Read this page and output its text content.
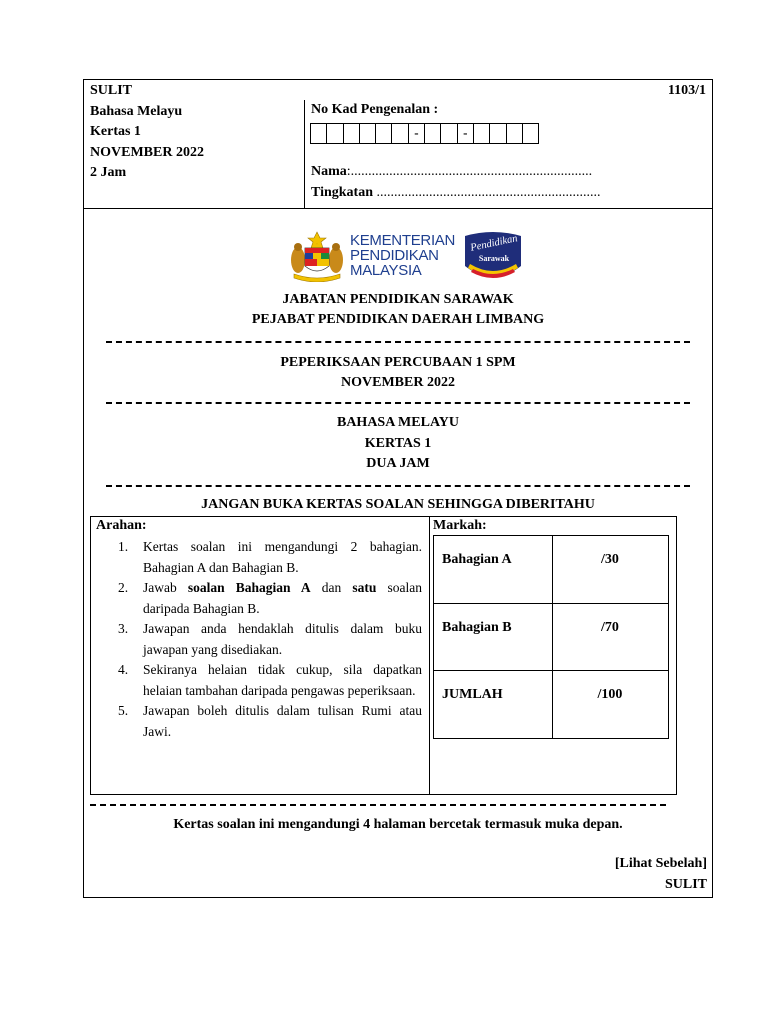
SULIT
Bahasa Melayu
Kertas 1
NOVEMBER 2022
2 Jam
1103/1
No Kad Pengenalan :
-	-
Nama:.....................................................................
Tingkatan ................................................................
KEMENTERIAN
PENDIDIKAN
MALAYSIA
Pendidikan
Sarawak
JABATAN PENDIDIKAN SARAWAK
PEJABAT PENDIDIKAN DAERAH LIMBANG
PEPERIKSAAN PERCUBAAN 1 SPM
NOVEMBER 2022
BAHASA MELAYU
KERTAS 1
DUA JAM
JANGAN BUKA KERTAS SOALAN SEHINGGA DIBERITAHU
Arahan:
1.	Kertas soalan ini mengandungi 2 bahagian. Bahagian A dan Bahagian B.
2.	Jawab soalan Bahagian A dan satu soalan daripada Bahagian B.
3.	Jawapan anda hendaklah ditulis dalam buku jawapan yang disediakan.
4.	Sekiranya helaian tidak cukup, sila dapatkan helaian tambahan daripada pengawas peperiksaan.
5.	Jawapan boleh ditulis dalam tulisan Rumi atau Jawi.
Markah:
Bahagian A	/30
Bahagian B	/70
JUMLAH	/100
Kertas soalan ini mengandungi 4 halaman bercetak termasuk muka depan.
[Lihat Sebelah]
SULIT
